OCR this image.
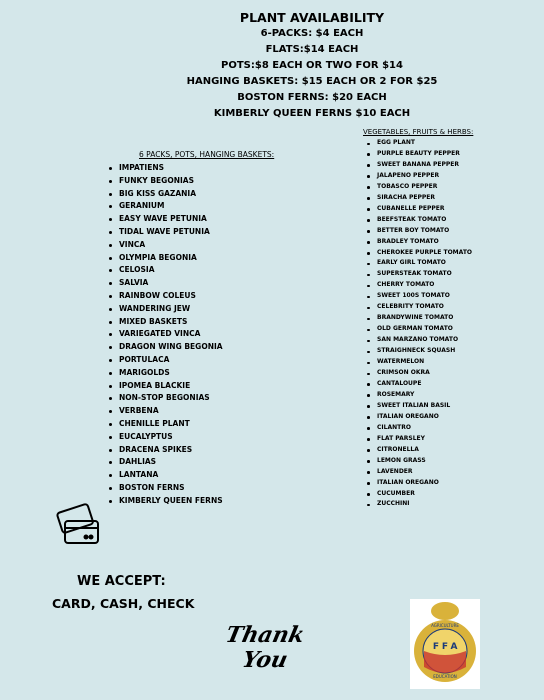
PLANT AVAILABILITY
6-PACKS: $4 EACH
FLATS:$14 EACH
POTS:$8 EACH OR TWO FOR $14
HANGING BASKETS: $15 EACH OR 2 FOR $25
BOSTON FERNS: $20 EACH
KIMBERLY QUEEN FERNS $10 EACH
6 PACKS, POTS, HANGING BASKETS:
IMPATIENS
FUNKY BEGONIAS
BIG KISS GAZANIA
GERANIUM
EASY WAVE PETUNIA
TIDAL WAVE PETUNIA
VINCA
OLYMPIA BEGONIA
CELOSIA
SALVIA
RAINBOW COLEUS
WANDERING JEW
MIXED BASKETS
VARIEGATED VINCA
DRAGON WING BEGONIA
PORTULACA
MARIGOLDS
IPOMEA BLACKIE
NON-STOP BEGONIAS
VERBENA
CHENILLE PLANT
EUCALYPTUS
DRACENA SPIKES
DAHLIAS
LANTANA
BOSTON FERNS
KIMBERLY QUEEN FERNS
VEGETABLES, FRUITS & HERBS:
EGG PLANT
PURPLE BEAUTY PEPPER
SWEET BANANA PEPPER
JALAPENO PEPPER
TOBASCO PEPPER
SIRACHA PEPPER
CUBANELLE PEPPER
BEEFSTEAK TOMATO
BETTER BOY TOMATO
BRADLEY TOMATO
CHEROKEE PURPLE TOMATO
EARLY GIRL TOMATO
SUPERSTEAK TOMATO
CHERRY TOMATO
SWEET 100S TOMATO
CELEBRITY TOMATO
BRANDYWINE TOMATO
OLD GERMAN TOMATO
SAN MARZANO TOMATO
STRAIGHNECK SQUASH
WATERMELON
CRIMSON OKRA
CANTALOUPE
ROSEMARY
SWEET ITALIAN BASIL
ITALIAN OREGANO
CILANTRO
FLAT PARSLEY
CITRONELLA
LEMON GRASS
LAVENDER
ITALIAN OREGANO
CUCUMBER
ZUCCHINI
WE ACCEPT:
CARD, CASH, CHECK
Thank
You
AGRICULTURE
EDUCATION
F F A
